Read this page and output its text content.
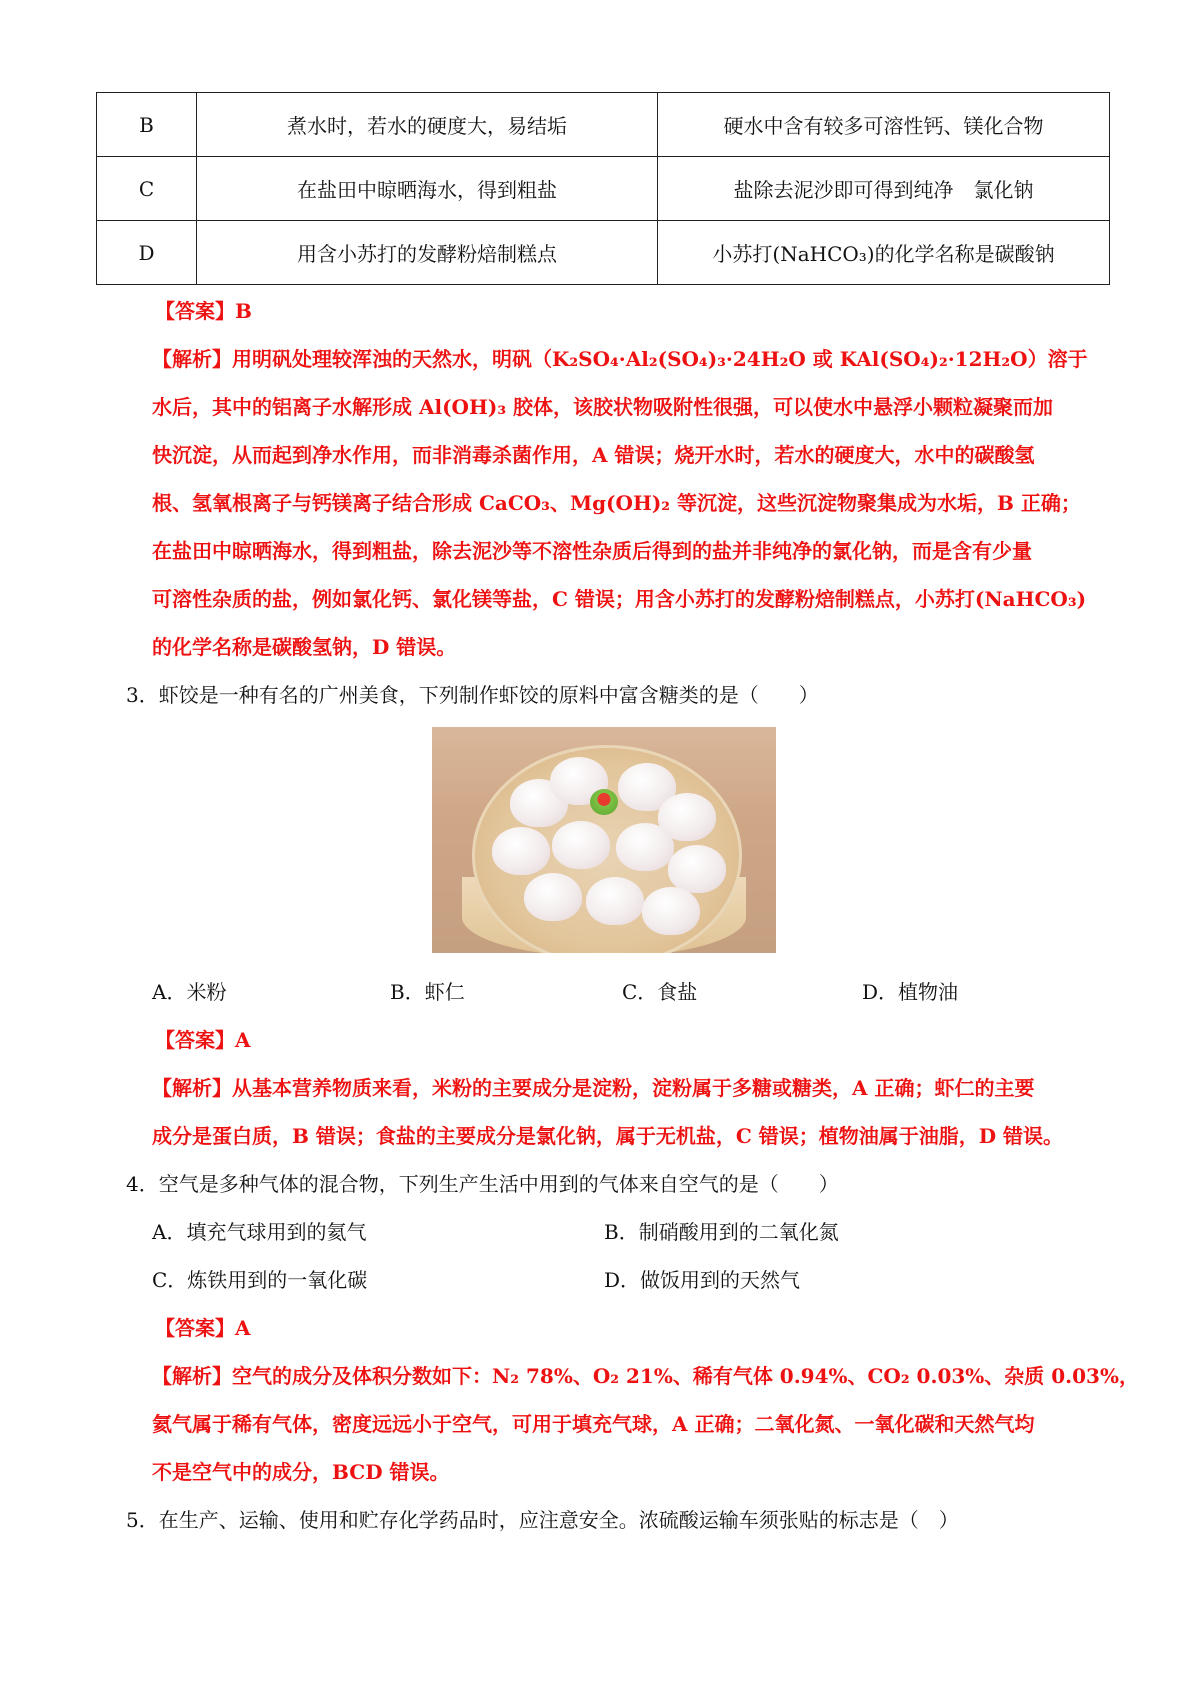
B	煮水时，若水的硬度大，易结垢	硬水中含有较多可溶性钙、镁化合物
C	在盐田中晾晒海水，得到粗盐	盐除去泥沙即可得到纯净　氯化钠
D	用含小苏打的发酵粉焙制糕点	小苏打(NaHCO₃)的化学名称是碳酸钠
【答案】B
【解析】用明矾处理较浑浊的天然水，明矾（K₂SO₄·Al₂(SO₄)₃·24H₂O 或 KAl(SO₄)₂·12H₂O）溶于
水后，其中的铝离子水解形成 Al(OH)₃ 胶体，该胶状物吸附性很强，可以使水中悬浮小颗粒凝聚而加
快沉淀，从而起到净水作用，而非消毒杀菌作用，A 错误；烧开水时，若水的硬度大，水中的碳酸氢
根、氢氧根离子与钙镁离子结合形成 CaCO₃、Mg(OH)₂ 等沉淀，这些沉淀物聚集成为水垢，B 正确；
在盐田中晾晒海水，得到粗盐，除去泥沙等不溶性杂质后得到的盐并非纯净的氯化钠，而是含有少量
可溶性杂质的盐，例如氯化钙、氯化镁等盐，C 错误；用含小苏打的发酵粉焙制糕点，小苏打(NaHCO₃)
的化学名称是碳酸氢钠，D 错误。
3．虾饺是一种有名的广州美食，下列制作虾饺的原料中富含糖类的是（　　）
A．米粉	B．虾仁	C．食盐	D．植物油
【答案】A
【解析】从基本营养物质来看，米粉的主要成分是淀粉，淀粉属于多糖或糖类，A 正确；虾仁的主要
成分是蛋白质，B 错误；食盐的主要成分是氯化钠，属于无机盐，C 错误；植物油属于油脂，D 错误。
4．空气是多种气体的混合物，下列生产生活中用到的气体来自空气的是（　　）
A．填充气球用到的氦气	B．制硝酸用到的二氧化氮
C．炼铁用到的一氧化碳	D．做饭用到的天然气
【答案】A
【解析】空气的成分及体积分数如下：N₂ 78%、O₂ 21%、稀有气体 0.94%、CO₂ 0.03%、杂质 0.03%，
氦气属于稀有气体，密度远远小于空气，可用于填充气球，A 正确；二氧化氮、一氧化碳和天然气均
不是空气中的成分，BCD 错误。
5．在生产、运输、使用和贮存化学药品时，应注意安全。浓硫酸运输车须张贴的标志是（　）
